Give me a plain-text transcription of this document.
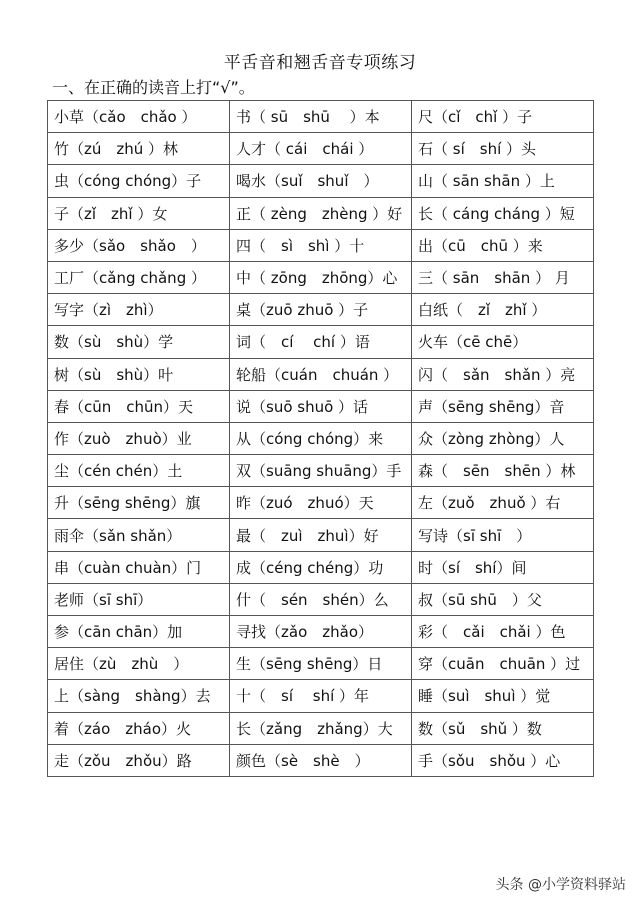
平舌音和翘舌音专项练习
一、在正确的读音上打“√”。
小草（cǎo　chǎo ）	书（ sū　shū 　）本	尺（cǐ　chǐ ）子
竹（zú　zhú ）林	人才（ cái　chái ）	石（ sí　shí ）头
虫（cóng chóng）子	喝水（suǐ　shuǐ　）	山（ sān shān ）上
子（zǐ　zhǐ ）女	正（ zèng　zhèng ）好	长（ cáng cháng ）短
多少（sǎo　shǎo　）	四（　sì　shì ）十	出（cū　chū ）来
工厂（cǎng chǎng ）	中（ zōng　zhōng）心	三（ sān　shān ） 月
写字（zì　zhì）	桌（zuō zhuō ）子	白纸（　zǐ　zhǐ ）
数（sù　shù）学	词（　cí　 chí ）语	火车（cē chē）
树（sù　shù）叶	轮船（cuán　chuán ）	闪（　sǎn　shǎn ）亮
春（cūn　chūn）天	说（suō shuō ）话	声（sēng shēng）音
作（zuò　zhuò）业	从（cóng chóng）来	众（zòng zhòng）人
尘（cén chén）土	双（suāng shuāng）手	森（　sēn　shēn ）林
升（sēng shēng）旗	昨（zuó　zhuó）天	左（zuǒ　zhuǒ ）右
雨伞（sǎn shǎn）	最（　zuì　zhuì）好	写诗（sī shī　）
串（cuàn chuàn）门	成（céng chéng）功	时（sí　shí）间
老师（sī shī）	什（　sén　shén）么	叔（sū shū　）父
参（cān chān）加	寻找（zǎo　zhǎo）	彩（　cǎi　chǎi ）色
居住（zù　zhù　）	生（sēng shēng）日	穿（cuān　chuān ）过
上（sàng　shàng）去	十（　sí　 shí ）年	睡（suì　shuì ）觉
着（záo　zháo）火	长（zǎng　zhǎng）大	数（sǔ　shǔ ）数
走（zǒu　zhǒu）路	颜色（sè　shè　）	手（sǒu　shǒu ）心
头条 @小学资料驿站
